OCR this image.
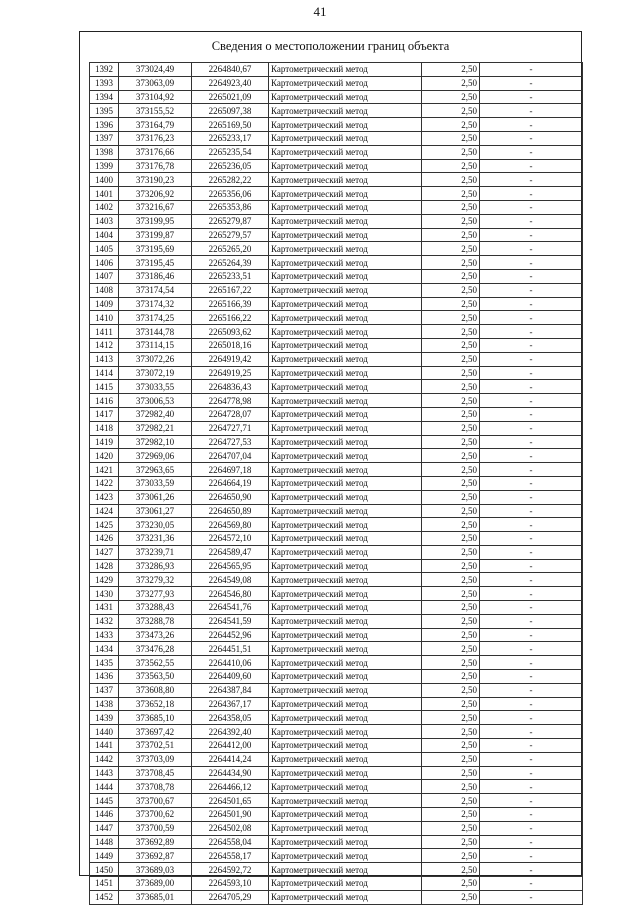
41
Сведения о местоположении границ объекта
1392	373024,49	2264840,67	Картометрический метод	2,50	-
1393	373063,09	2264923,40	Картометрический метод	2,50	-
1394	373104,92	2265021,09	Картометрический метод	2,50	-
1395	373155,52	2265097,38	Картометрический метод	2,50	-
1396	373164,79	2265169,50	Картометрический метод	2,50	-
1397	373176,23	2265233,17	Картометрический метод	2,50	-
1398	373176,66	2265235,54	Картометрический метод	2,50	-
1399	373176,78	2265236,05	Картометрический метод	2,50	-
1400	373190,23	2265282,22	Картометрический метод	2,50	-
1401	373206,92	2265356,06	Картометрический метод	2,50	-
1402	373216,67	2265353,86	Картометрический метод	2,50	-
1403	373199,95	2265279,87	Картометрический метод	2,50	-
1404	373199,87	2265279,57	Картометрический метод	2,50	-
1405	373195,69	2265265,20	Картометрический метод	2,50	-
1406	373195,45	2265264,39	Картометрический метод	2,50	-
1407	373186,46	2265233,51	Картометрический метод	2,50	-
1408	373174,54	2265167,22	Картометрический метод	2,50	-
1409	373174,32	2265166,39	Картометрический метод	2,50	-
1410	373174,25	2265166,22	Картометрический метод	2,50	-
1411	373144,78	2265093,62	Картометрический метод	2,50	-
1412	373114,15	2265018,16	Картометрический метод	2,50	-
1413	373072,26	2264919,42	Картометрический метод	2,50	-
1414	373072,19	2264919,25	Картометрический метод	2,50	-
1415	373033,55	2264836,43	Картометрический метод	2,50	-
1416	373006,53	2264778,98	Картометрический метод	2,50	-
1417	372982,40	2264728,07	Картометрический метод	2,50	-
1418	372982,21	2264727,71	Картометрический метод	2,50	-
1419	372982,10	2264727,53	Картометрический метод	2,50	-
1420	372969,06	2264707,04	Картометрический метод	2,50	-
1421	372963,65	2264697,18	Картометрический метод	2,50	-
1422	373033,59	2264664,19	Картометрический метод	2,50	-
1423	373061,26	2264650,90	Картометрический метод	2,50	-
1424	373061,27	2264650,89	Картометрический метод	2,50	-
1425	373230,05	2264569,80	Картометрический метод	2,50	-
1426	373231,36	2264572,10	Картометрический метод	2,50	-
1427	373239,71	2264589,47	Картометрический метод	2,50	-
1428	373286,93	2264565,95	Картометрический метод	2,50	-
1429	373279,32	2264549,08	Картометрический метод	2,50	-
1430	373277,93	2264546,80	Картометрический метод	2,50	-
1431	373288,43	2264541,76	Картометрический метод	2,50	-
1432	373288,78	2264541,59	Картометрический метод	2,50	-
1433	373473,26	2264452,96	Картометрический метод	2,50	-
1434	373476,28	2264451,51	Картометрический метод	2,50	-
1435	373562,55	2264410,06	Картометрический метод	2,50	-
1436	373563,50	2264409,60	Картометрический метод	2,50	-
1437	373608,80	2264387,84	Картометрический метод	2,50	-
1438	373652,18	2264367,17	Картометрический метод	2,50	-
1439	373685,10	2264358,05	Картометрический метод	2,50	-
1440	373697,42	2264392,40	Картометрический метод	2,50	-
1441	373702,51	2264412,00	Картометрический метод	2,50	-
1442	373703,09	2264414,24	Картометрический метод	2,50	-
1443	373708,45	2264434,90	Картометрический метод	2,50	-
1444	373708,78	2264466,12	Картометрический метод	2,50	-
1445	373700,67	2264501,65	Картометрический метод	2,50	-
1446	373700,62	2264501,90	Картометрический метод	2,50	-
1447	373700,59	2264502,08	Картометрический метод	2,50	-
1448	373692,89	2264558,04	Картометрический метод	2,50	-
1449	373692,87	2264558,17	Картометрический метод	2,50	-
1450	373689,03	2264592,72	Картометрический метод	2,50	-
1451	373689,00	2264593,10	Картометрический метод	2,50	-
1452	373685,01	2264705,29	Картометрический метод	2,50	-
